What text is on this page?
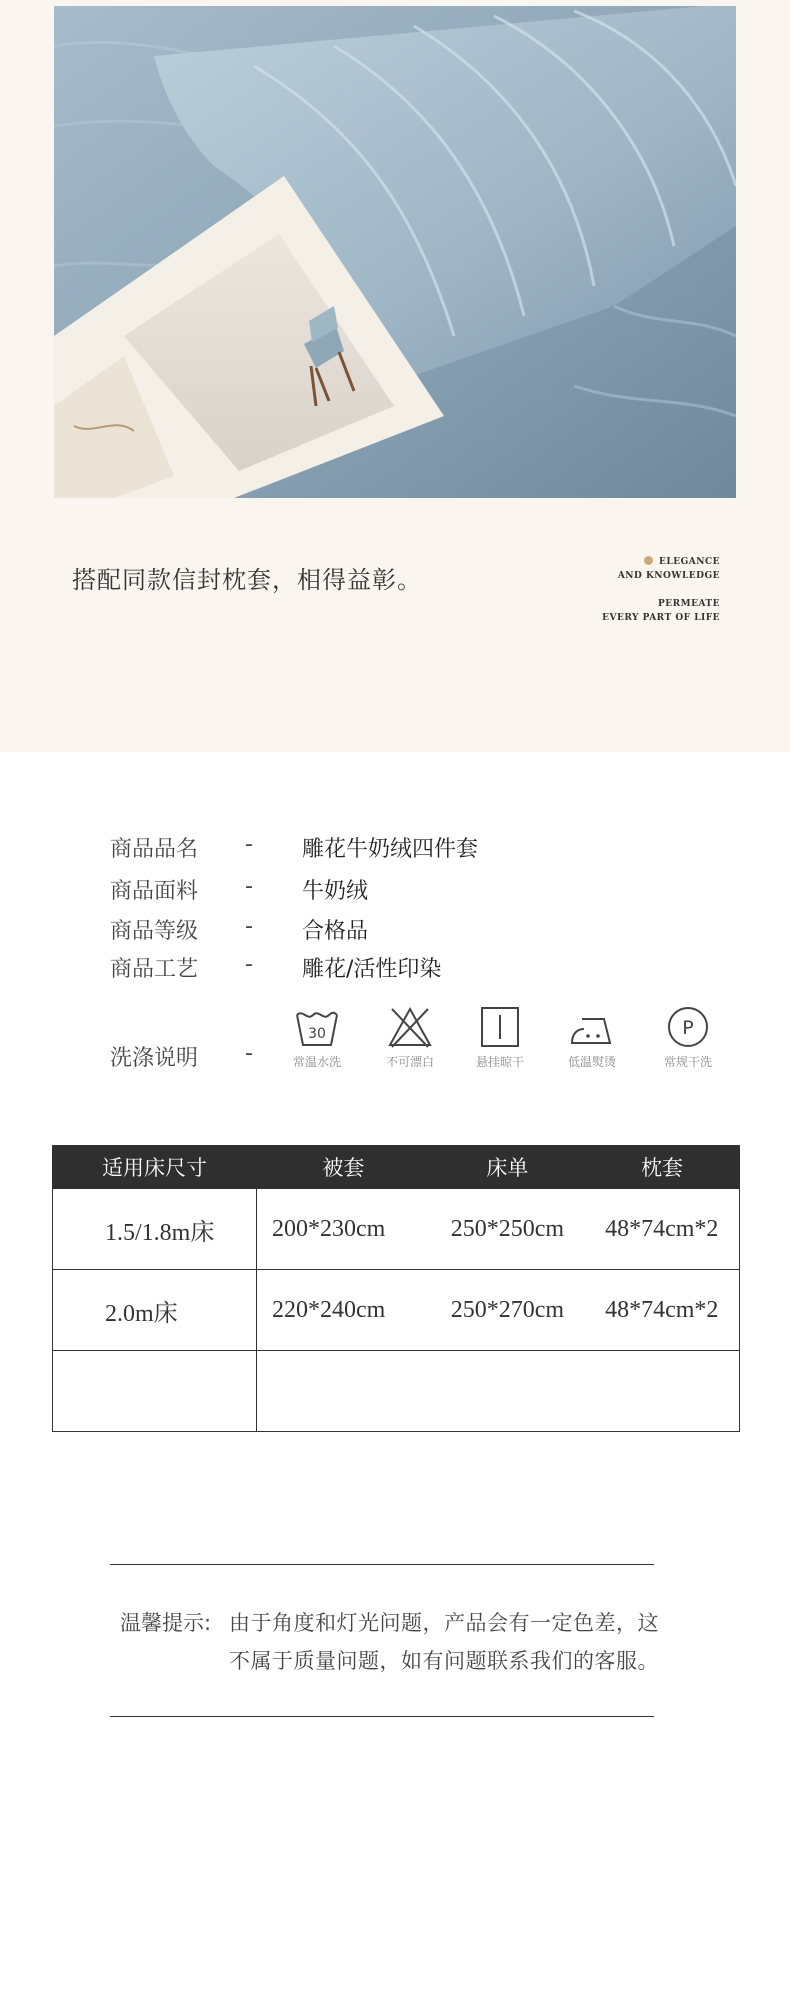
搭配同款信封枕套，相得益彰。
ELEGANCE
AND KNOWLEDGE
PERMEATE
EVERY PART OF LIFE
商品品名 - 雕花牛奶绒四件套
商品面料 - 牛奶绒
商品等级 - 合格品
商品工艺 - 雕花/活性印染
洗涤说明 -
30
常温水洗	不可漂白	悬挂晾干	低温熨烫
P
常规干洗
适用床尺寸	被套	床单	枕套
1.5/1.8m床	200*230cm	250*250cm	48*74cm*2
2.0m床	220*240cm	250*270cm	48*74cm*2

温馨提示: 由于角度和灯光问题，产品会有一定色差，这
不属于质量问题，如有问题联系我们的客服。
